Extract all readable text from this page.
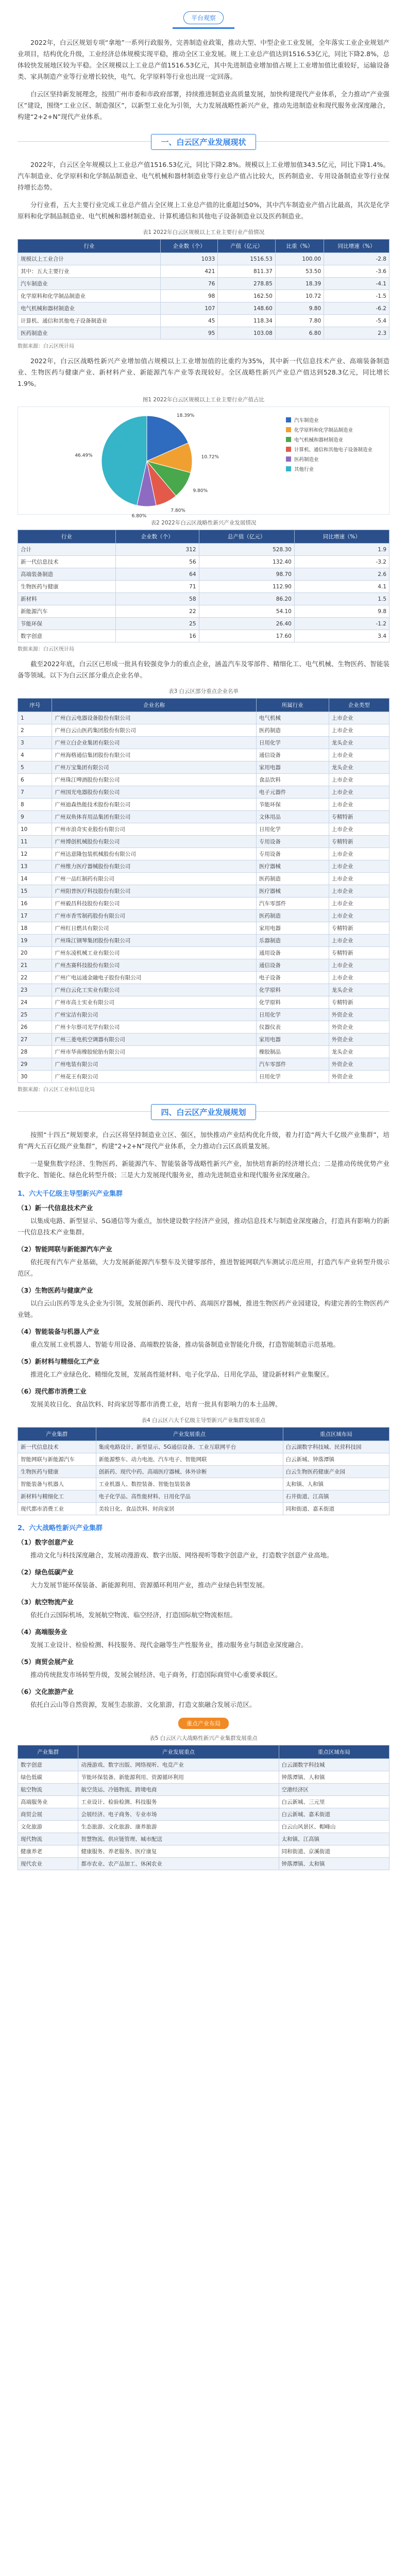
平台观察

2022年，白云区规划专项“拿地”一系列行政服务，完善制造业政策，推动大型、中型企业工业发展，全年落实工业企业规划产业项目，结构优化升级，工业经济总体规模实现平稳，推动全区工业发展。规上工业总产值达到1516.53亿元，同比下降2.8%，总体较快发展地区较为平稳。全区规模以上工业总产值1516.53亿元，其中先进制造业增加值占规上工业增加值比重较好，运输设备类、家具制造产业等行业增长较快，电气、化学原料等行业也出现一定回落。

白云区坚持新发展理念，按照广州市委和市政府部署，持续推进制造业高质量发展，加快构建现代产业体系，全力推动“产业强区”建设，围绕“工业立区、制造强区”，以新型工业化为引领，大力发展战略性新兴产业，推动先进制造业和现代服务业深度融合，构建“2+2+N”现代产业体系。

一、白云区产业发展现状

2022年，白云区全年规模以上工业总产值1516.53亿元，同比下降2.8%。规模以上工业增加值343.5亿元，同比下降1.4%。汽车制造业、化学原料和化学制品制造业、电气机械和器材制造业等行业总产值占比较大，医药制造业、专用设备制造业等行业保持增长态势。

分行业看，五大主要行业完成工业总产值占全区规上工业总产值的比重超过50%，其中汽车制造业产值占比最高，其次是化学原料和化学制品制造业、电气机械和器材制造业、计算机通信和其他电子设备制造业以及医药制造业。

表1 2022年白云区规模以上工业主要行业产值情况
行业	企业数（个）	产值（亿元）	比重（%）	同比增速（%）
规模以上工业合计	1033	1516.53	100.00	-2.8
其中：五大主要行业	421	811.37	53.50	-3.6
汽车制造业	76	278.85	18.39	-4.1
化学原料和化学制品制造业	98	162.50	10.72	-1.5
电气机械和器材制造业	107	148.60	9.80	-6.2
计算机、通信和其他电子设备制造业	45	118.34	7.80	-5.4
医药制造业	95	103.08	6.80	2.3
数据来源：白云区统计局

2022年，白云区战略性新兴产业增加值占规模以上工业增加值的比重约为35%，其中新一代信息技术产业、高端装备制造业、生物医药与健康产业、新材料产业、新能源汽车产业等表现较好。全区战略性新兴产业总产值达到528.3亿元，同比增长1.9%。

图1 2022年白云区规模以上工业主要行业产值占比
18.39%
10.72%
9.80%
7.80%
6.80%
46.49%
汽车制造业
化学原料和化学制品制造业
电气机械和器材制造业
计算机、通信和其他电子设备制造业
医药制造业
其他行业
表2 2022年白云区战略性新兴产业发展情况
行业	企业数（个）	总产值（亿元）	同比增速（%）
合计	312	528.30	1.9
新一代信息技术	56	132.40	-3.2
高端装备制造	64	98.70	2.6
生物医药与健康	71	112.90	4.1
新材料	58	86.20	1.5
新能源汽车	22	54.10	9.8
节能环保	25	26.40	-1.2
数字创意	16	17.60	3.4
数据来源：白云区统计局

截至2022年底，白云区已形成一批具有较强竞争力的重点企业，涵盖汽车及零部件、精细化工、电气机械、生物医药、智能装备等领域。以下为白云区部分重点企业名单。

表3 白云区部分重点企业名单
序号	企业名称	所属行业	企业类型
1	广州白云电器设备股份有限公司	电气机械	上市企业
2	广州白云山医药集团股份有限公司	医药制造	上市企业
3	广州立白企业集团有限公司	日用化学	龙头企业
4	广州海格通信集团股份有限公司	通信设备	上市企业
5	广州万宝集团有限公司	家用电器	龙头企业
6	广州珠江啤酒股份有限公司	食品饮料	上市企业
7	广州国光电器股份有限公司	电子元器件	上市企业
8	广州迪森热能技术股份有限公司	节能环保	上市企业
9	广州双鱼体育用品集团有限公司	文体用品	专精特新
10	广州市浪奇实业股份有限公司	日用化学	上市企业
11	广州博创机械股份有限公司	专用设备	专精特新
12	广州达意隆包装机械股份有限公司	专用设备	上市企业
13	广州维力医疗器械股份有限公司	医疗器械	上市企业
14	广州一品红制药有限公司	医药制造	上市企业
15	广州阳普医疗科技股份有限公司	医疗器械	上市企业
16	广州毅昌科技股份有限公司	汽车零部件	上市企业
17	广州市香雪制药股份有限公司	医药制造	上市企业
18	广州红日燃具有限公司	家用电器	专精特新
19	广州珠江钢琴集团股份有限公司	乐器制造	上市企业
20	广州东凌机械工业有限公司	通用设备	专精特新
21	广州杰赛科技股份有限公司	通信设备	上市企业
22	广州广电运通金融电子股份有限公司	电子设备	上市企业
23	广州白云化工实业有限公司	化学原料	龙头企业
24	广州市高士实业有限公司	化学原料	专精特新
25	广州宝洁有限公司	日用化学	外资企业
26	广州卡尔蔡司光学有限公司	仪器仪表	外资企业
27	广州三菱电机空调器有限公司	家用电器	外资企业
28	广州市华南橡胶轮胎有限公司	橡胶制品	龙头企业
29	广州电装有限公司	汽车零部件	外资企业
30	广州花王有限公司	日用化学	外资企业
数据来源：白云区工业和信息化局
四、白云区产业发展规划

按照“十四五”规划要求，白云区将坚持制造业立区、强区，加快推动产业结构优化升级，着力打造“两大千亿级产业集群”，培育“两大五百亿级产业集群”，构建“2+2+N”现代产业体系，全力推动白云区高质量发展。

一是聚焦数字经济、生物医药、新能源汽车、智能装备等战略性新兴产业，加快培育新的经济增长点；二是推动传统优势产业数字化、智能化、绿色化转型升级；三是大力发展现代服务业，推动先进制造业和现代服务业深度融合。

1、六大千亿级主导型新兴产业集群
（1）新一代信息技术产业

以集成电路、新型显示、5G通信等为重点，加快建设数字经济产业园，推动信息技术与制造业深度融合，打造具有影响力的新一代信息技术产业集群。

（2）智能网联与新能源汽车产业

依托现有汽车产业基础，大力发展新能源汽车整车及关键零部件，推进智能网联汽车测试示范应用，打造汽车产业转型升级示范区。

（3）生物医药与健康产业

以白云山医药等龙头企业为引领，发展创新药、现代中药、高端医疗器械，推进生物医药产业园建设，构建完善的生物医药产业链。

（4）智能装备与机器人产业

重点发展工业机器人、智能专用设备、高端数控装备，推动装备制造业智能化升级，打造智能制造示范基地。

（5）新材料与精细化工产业

推进化工产业绿色化、精细化发展，发展高性能材料、电子化学品、日用化学品，建设新材料产业集聚区。

（6）现代都市消费工业

发展美妆日化、食品饮料、时尚家居等都市消费工业，培育一批具有影响力的本土品牌。

表4 白云区六大千亿级主导型新兴产业集群发展重点
产业集群	产业发展重点	重点区域布局
新一代信息技术	集成电路设计、新型显示、5G通信设备、工业互联网平台	白云湖数字科技城、民营科技园
智能网联与新能源汽车	新能源整车、动力电池、汽车电子、智能网联	白云新城、钟落潭镇
生物医药与健康	创新药、现代中药、高端医疗器械、体外诊断	白云生物医药健康产业园
智能装备与机器人	工业机器人、数控装备、智能包装装备	太和镇、人和镇
新材料与精细化工	电子化学品、高性能材料、日用化学品	石井街道、江高镇
现代都市消费工业	美妆日化、食品饮料、时尚家居	同和街道、嘉禾街道
2、六大战略性新兴产业集群
（1）数字创意产业

推动文化与科技深度融合，发展动漫游戏、数字出版、网络视听等数字创意产业，打造数字创意产业高地。

（2）绿色低碳产业

大力发展节能环保装备、新能源利用、资源循环利用产业，推动产业绿色转型发展。

（3）航空物流产业

依托白云国际机场，发展航空物流、临空经济，打造国际航空物流枢纽。

（4）高端服务业

发展工业设计、检验检测、科技服务、现代金融等生产性服务业，推动服务业与制造业深度融合。

（5）商贸会展产业

推动传统批发市场转型升级，发展会展经济、电子商务，打造国际商贸中心重要承载区。

（6）文化旅游产业

依托白云山等自然资源，发展生态旅游、文化旅游，打造文旅融合发展示范区。

重点产业布局
表5 白云区六大战略性新兴产业集群发展重点
产业集群	产业发展重点	重点区域布局
数字创意	动漫游戏、数字出版、网络视听、电竞产业	白云湖数字科技城
绿色低碳	节能环保装备、新能源利用、资源循环利用	钟落潭镇、人和镇
航空物流	航空货运、冷链物流、跨境电商	空港经济区
高端服务业	工业设计、检验检测、科技服务	白云新城、三元里
商贸会展	会展经济、电子商务、专业市场	白云新城、嘉禾街道
文化旅游	生态旅游、文化旅游、康养旅游	白云山风景区、帽峰山
现代物流	智慧物流、供应链管理、城市配送	太和镇、江高镇
健康养老	健康服务、养老服务、医疗康复	同和街道、京溪街道
现代农业	都市农业、农产品加工、休闲农业	钟落潭镇、太和镇
